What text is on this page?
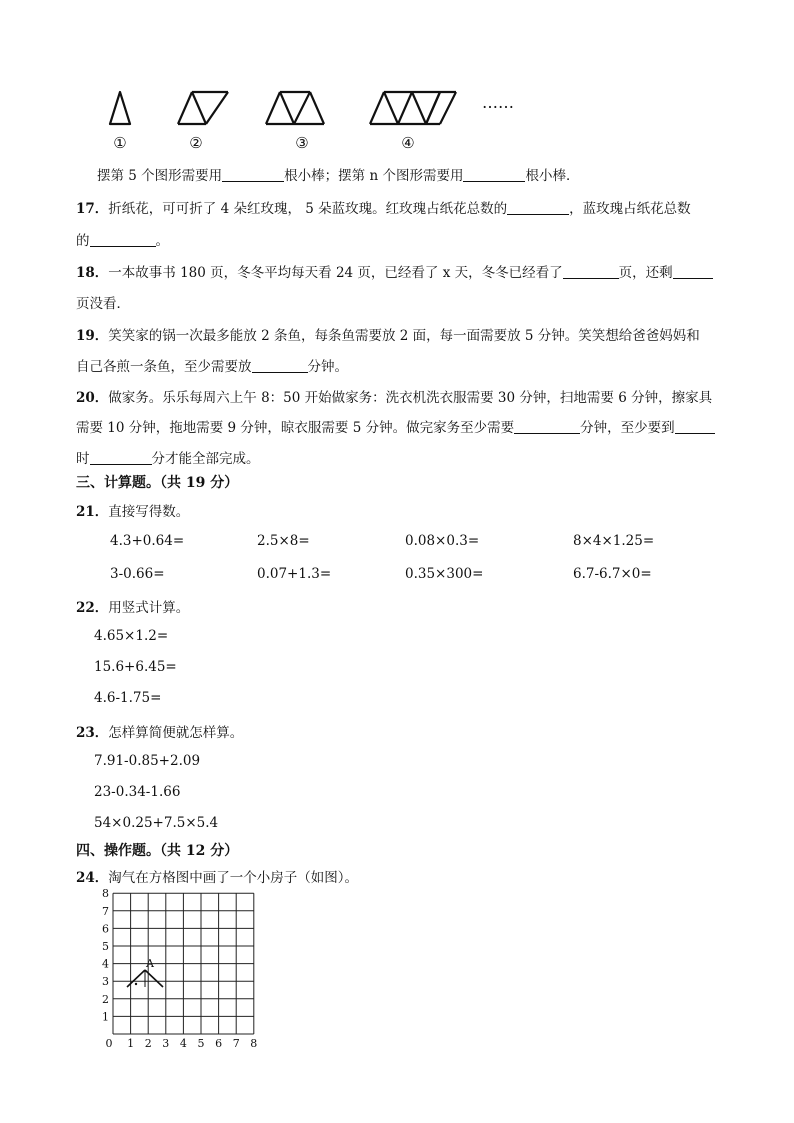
①	②	③	④
……
摆第 5 个图形需要用	根小棒；摆第 n 个图形需要用	根小棒．
17．折纸花，可可折了 4 朵红玫瑰， 5 朵蓝玫瑰。红玫瑰占纸花总数的	，蓝玫瑰占纸花总数
的	。
18．一本故事书 180 页，冬冬平均每天看 24 页，已经看了 x 天，冬冬已经看了	页，还剩
页没看．
19．笑笑家的锅一次最多能放 2 条鱼，每条鱼需要放 2 面，每一面需要放 5 分钟。笑笑想给爸爸妈妈和
自己各煎一条鱼，至少需要放	分钟。
20．做家务。乐乐每周六上午 8：50 开始做家务：洗衣机洗衣服需要 30 分钟，扫地需要 6 分钟，擦家具
需要 10 分钟，拖地需要 9 分钟，晾衣服需要 5 分钟。做完家务至少需要	分钟，至少要到
时	分才能全部完成。
三、计算题。（共 19 分）
21．直接写得数。
4.3+0.64=	2.5×8=	0.08×0.3=	8×4×1.25=
3-0.66=	0.07+1.3=	0.35×300=	6.7-6.7×0=
22．用竖式计算。
4.65×1.2=
15.6+6.45=
4.6-1.75=
23．怎样算简便就怎样算。
7.91-0.85+2.09
23-0.34-1.66
54×0.25+7.5×5.4
四、操作题。（共 12 分）
24．淘气在方格图中画了一个小房子（如图）。
0 1 2 3 4 5 6 7 8
1
2
3
4
5
6
7
8
A
